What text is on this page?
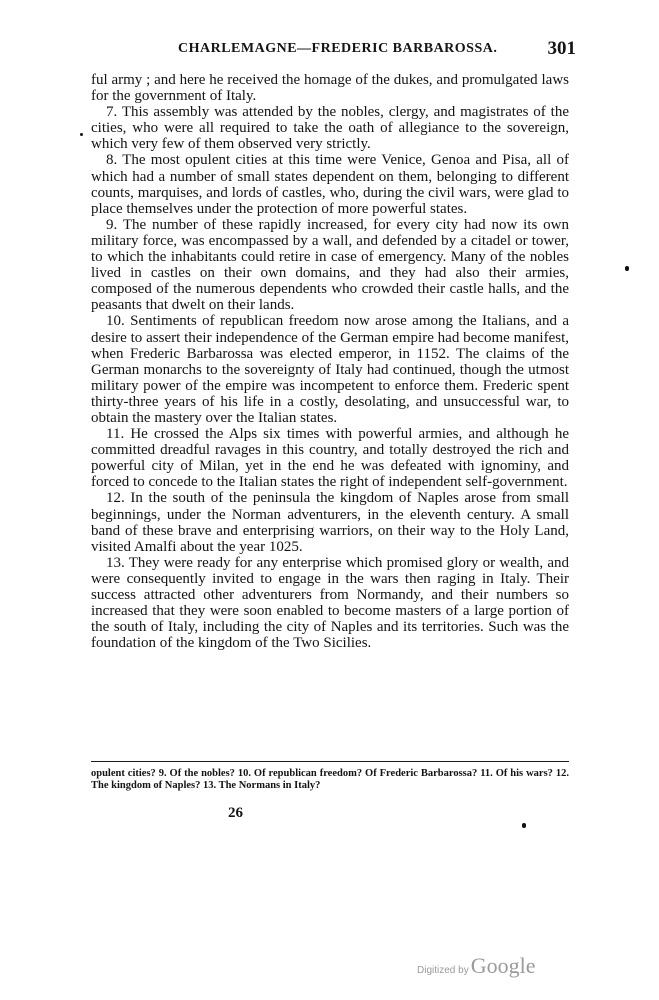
CHARLEMAGNE—FREDERIC BARBAROSSA.	301

ful army ; and here he received the homage of the dukes, and promulgated laws for the government of Italy.

7. This assembly was attended by the nobles, clergy, and magistrates of the cities, who were all required to take the oath of allegiance to the sovereign, which very few of them observed very strictly.

8. The most opulent cities at this time were Venice, Genoa and Pisa, all of which had a number of small states dependent on them, belonging to different counts, marquises, and lords of castles, who, during the civil wars, were glad to place themselves under the protection of more powerful states.

9. The number of these rapidly increased, for every city had now its own military force, was encompassed by a wall, and defended by a citadel or tower, to which the inhabitants could retire in case of emergency. Many of the nobles lived in castles on their own domains, and they had also their armies, composed of the numerous dependents who crowded their castle halls, and the peasants that dwelt on their lands.

10. Sentiments of republican freedom now arose among the Italians, and a desire to assert their independence of the German empire had become manifest, when Frederic Barbarossa was elected emperor, in 1152. The claims of the German monarchs to the sovereignty of Italy had continued, though the utmost military power of the empire was incompetent to enforce them. Frederic spent thirty-three years of his life in a costly, desolating, and unsuccessful war, to obtain the mastery over the Italian states.

11. He crossed the Alps six times with powerful armies, and although he committed dreadful ravages in this country, and totally destroyed the rich and powerful city of Milan, yet in the end he was defeated with ignominy, and forced to concede to the Italian states the right of independent self-government.

12. In the south of the peninsula the kingdom of Naples arose from small beginnings, under the Norman adventurers, in the eleventh century. A small band of these brave and enterprising warriors, on their way to the Holy Land, visited Amalfi about the year 1025.

13. They were ready for any enterprise which promised glory or wealth, and were consequently invited to engage in the wars then raging in Italy. Their success attracted other adventurers from Normandy, and their numbers so increased that they were soon enabled to become masters of a large portion of the south of Italy, including the city of Naples and its territories. Such was the foundation of the kingdom of the Two Sicilies.

opulent cities? 9. Of the nobles? 10. Of republican freedom? Of Frederic Barbarossa? 11. Of his wars? 12. The kingdom of Naples? 13. The Normans in Italy?
26
Digitized byGoogle
